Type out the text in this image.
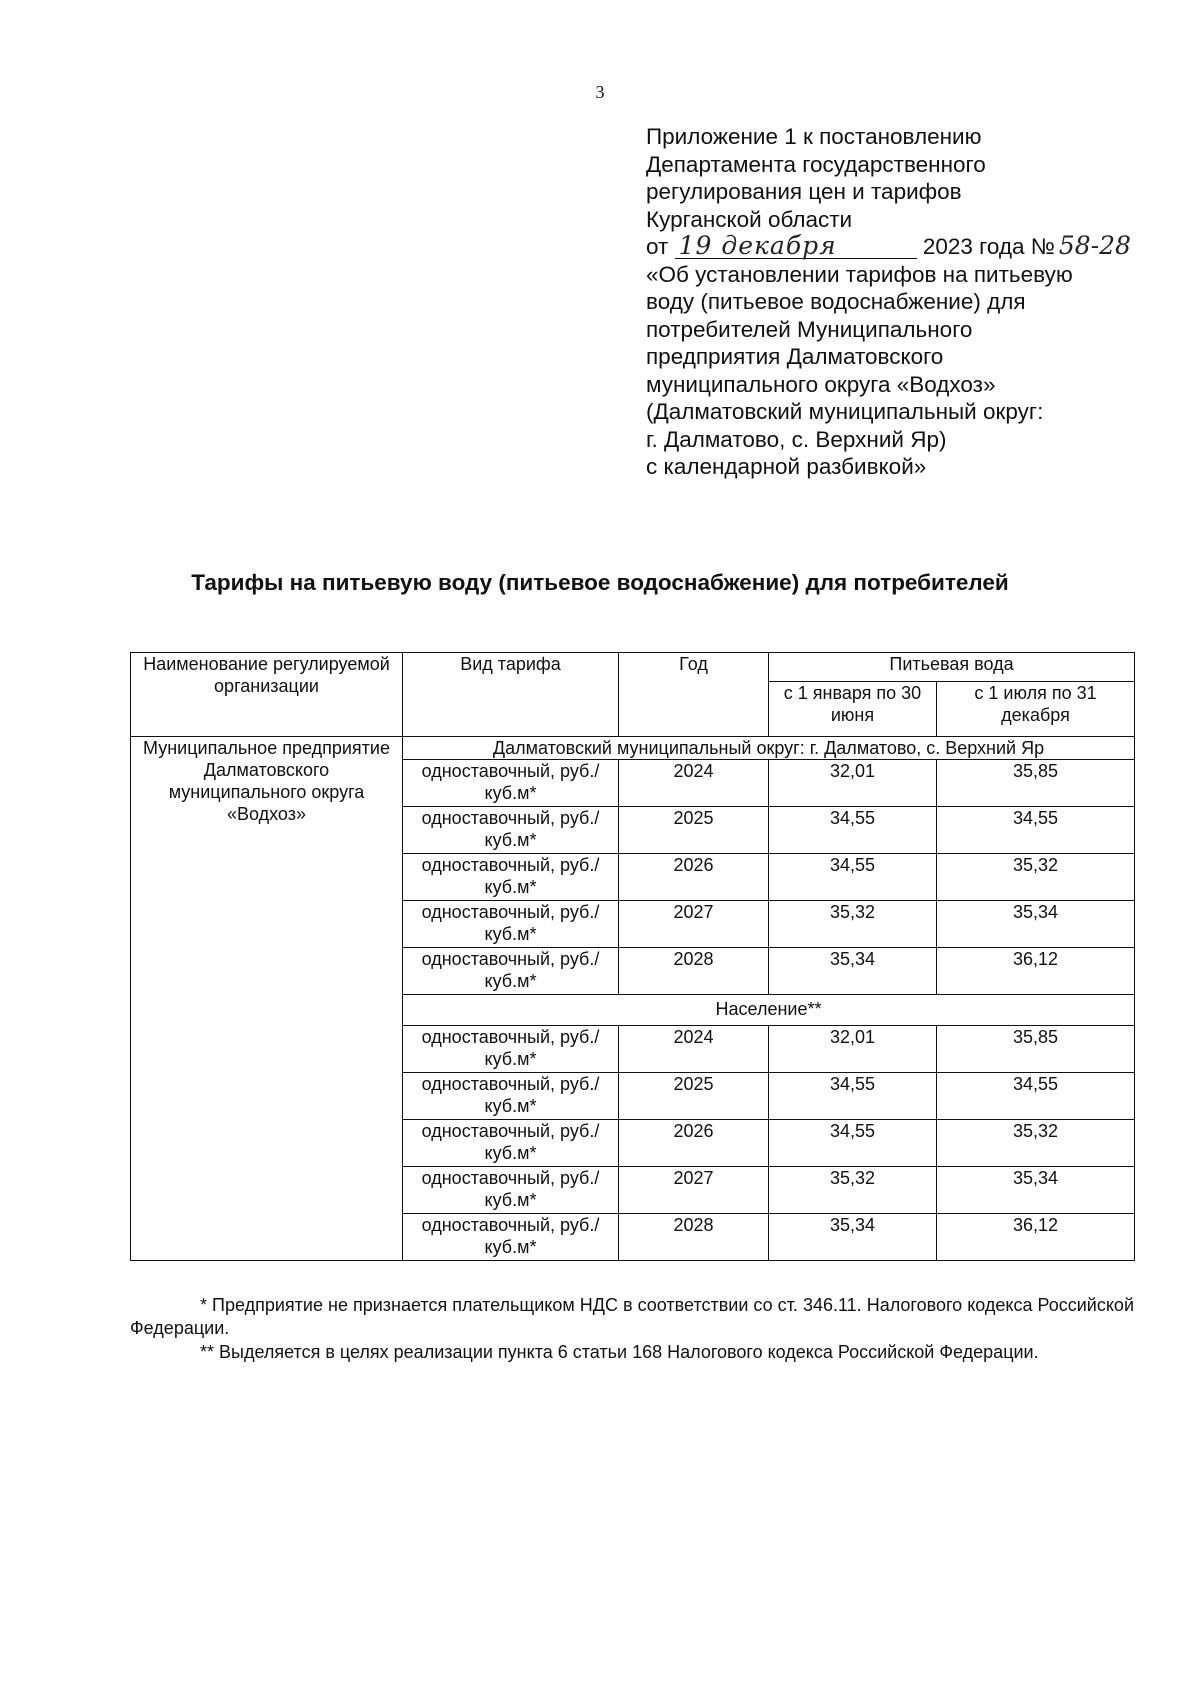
3
Приложение 1 к постановлению
Департамента государственного
регулирования цен и тарифов
Курганской области
от 19 декабря	2023 года № 58-28
«Об установлении тарифов на питьевую
воду (питьевое водоснабжение) для
потребителей Муниципального
предприятия Далматовского
муниципального округа «Водхоз»
(Далматовский муниципальный округ:
г. Далматово, с. Верхний Яр)
с календарной разбивкой»
Тарифы на питьевую воду (питьевое водоснабжение) для потребителей
Наименование регулируемой организации	Вид тарифа	Год	Питьевая вода	
			с 1 января по 30 июня	с 1 июля по 31 декабря
Муниципальное предприятие Далматовского муниципального округа «Водхоз»	Далматовский муниципальный округ: г. Далматово, с. Верхний Яр			
	одноставочный, руб./куб.м*	2024	32,01	35,85
	одноставочный, руб./куб.м*	2025	34,55	34,55
	одноставочный, руб./куб.м*	2026	34,55	35,32
	одноставочный, руб./куб.м*	2027	35,32	35,34
	одноставочный, руб./куб.м*	2028	35,34	36,12
	Население**			
	одноставочный, руб./куб.м*	2024	32,01	35,85
	одноставочный, руб./куб.м*	2025	34,55	34,55
	одноставочный, руб./куб.м*	2026	34,55	35,32
	одноставочный, руб./куб.м*	2027	35,32	35,34
	одноставочный, руб./куб.м*	2028	35,34	36,12
* Предприятие не признается плательщиком НДС в соответствии со ст. 346.11. Налогового кодекса Российской Федерации.
** Выделяется в целях реализации пункта 6 статьи 168 Налогового кодекса Российской Федерации.
